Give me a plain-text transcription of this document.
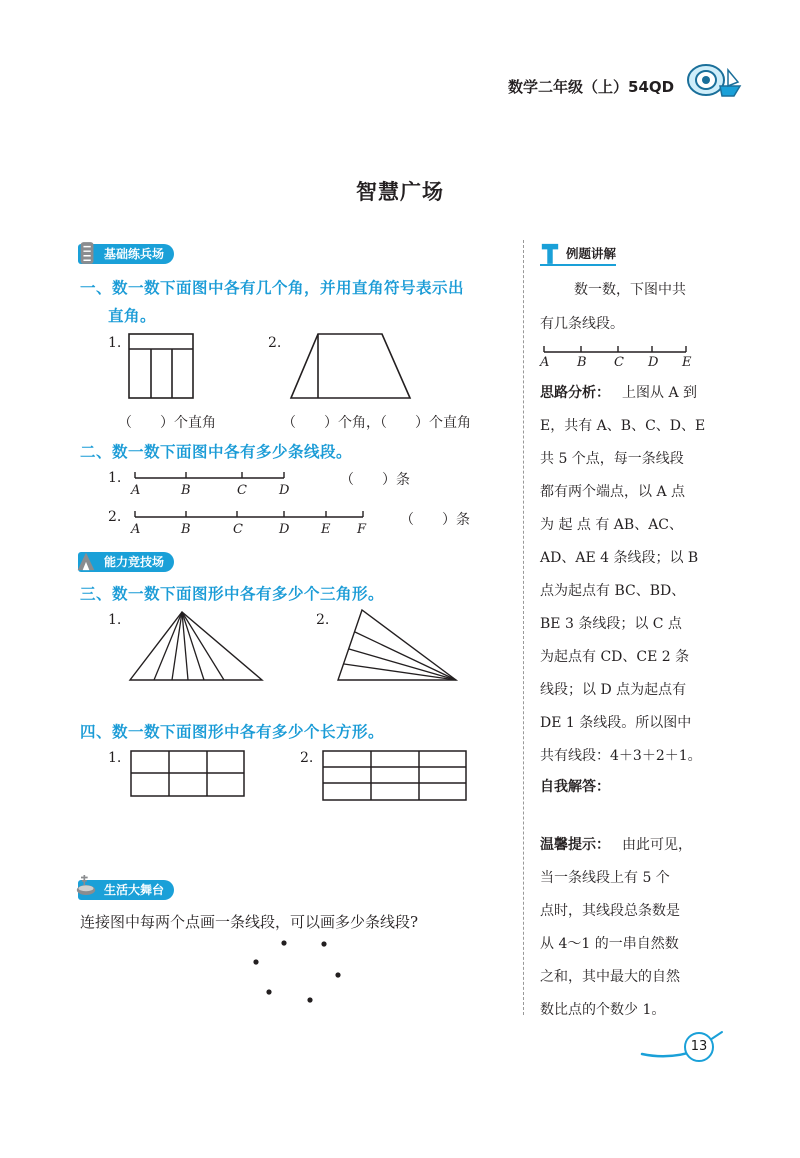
数学二年级（上）54QD
智慧广场
基础练兵场
一、数一数下面图中各有几个角，并用直角符号表示出
直角。
1.	2.
（　　）个直角	（　　）个角，（　　）个直角
二、数一数下面图中各有多少条线段。
1.
A	B	C D
（　　）条
2.
A	B	C	D E F
（　　）条
能力竞技场
三、数一数下面图形中各有多少个三角形。
1.	2.
四、数一数下面图形中各有多少个长方形。
1.	2.
生活大舞台
连接图中每两个点画一条线段，可以画多少条线段?
例题讲解
数一数，下图中共
有几条线段。
A B C D E
思路分析： 上图从 A 到
E，共有 A、B、C、D、E
共 5 个点，每一条线段
都有两个端点，以 A 点
为 起 点 有 AB、AC、
AD、AE 4 条线段；以 B
点为起点有 BC、BD、
BE 3 条线段；以 C 点
为起点有 CD、CE 2 条
线段；以 D 点为起点有
DE 1 条线段。所以图中
共有线段：4＋3＋2＋1。
自我解答：
温馨提示： 由此可见，
当一条线段上有 5 个
点时，其线段总条数是
从 4～1 的一串自然数
之和，其中最大的自然
数比点的个数少 1。
13
